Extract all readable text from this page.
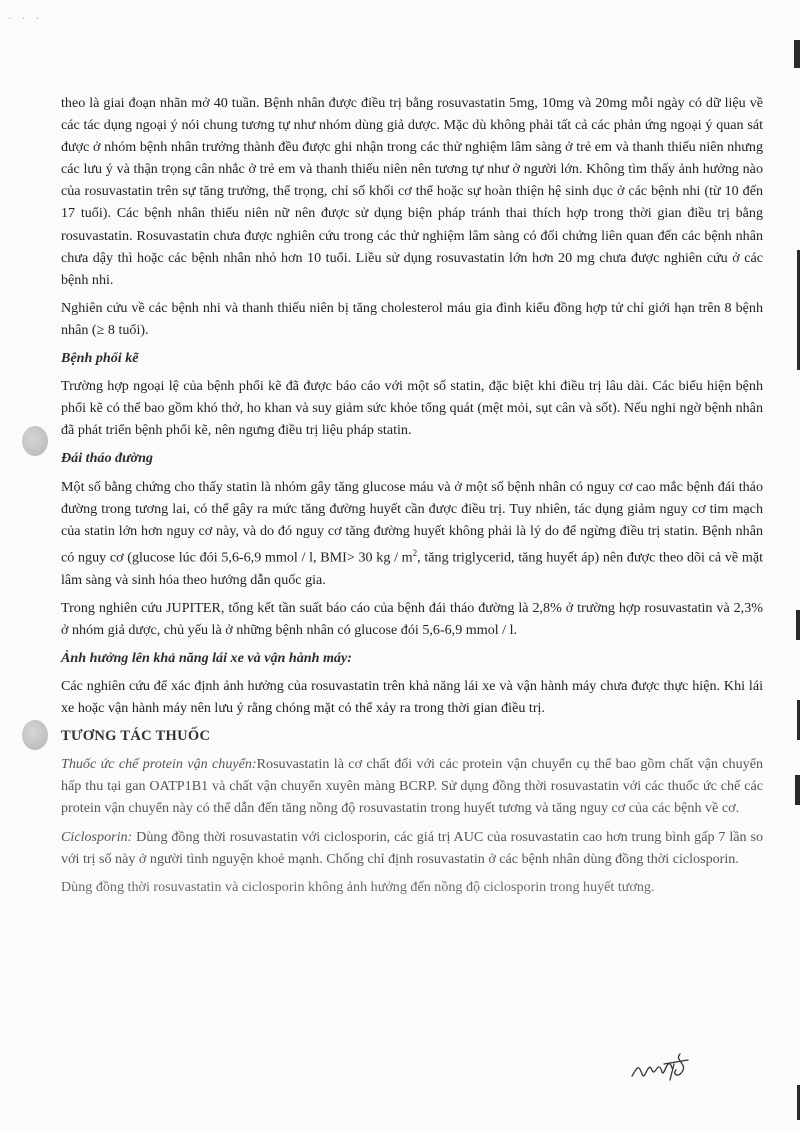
· · ·

theo là giai đoạn nhãn mở 40 tuần. Bệnh nhân được điều trị bằng rosuvastatin 5mg, 10mg và 20mg mỗi ngày có dữ liệu về các tác dụng ngoại ý nói chung tương tự như nhóm dùng giả dược. Mặc dù không phải tất cả các phản ứng ngoại ý quan sát được ở nhóm bệnh nhân trưởng thành đều được ghi nhận trong các thử nghiệm lâm sàng ở trẻ em và thanh thiếu niên nhưng các lưu ý và thận trọng cân nhắc ở trẻ em và thanh thiếu niên nên tương tự như ở người lớn. Không tìm thấy ảnh hưởng nào của rosuvastatin trên sự tăng trưởng, thể trọng, chỉ số khối cơ thể hoặc sự hoàn thiện hệ sinh dục ở các bệnh nhi (từ 10 đến 17 tuổi). Các bệnh nhân thiếu niên nữ nên được sử dụng biện pháp tránh thai thích hợp trong thời gian điều trị bằng rosuvastatin. Rosuvastatin chưa được nghiên cứu trong các thử nghiệm lâm sàng có đối chứng liên quan đến các bệnh nhân chưa dậy thì hoặc các bệnh nhân nhỏ hơn 10 tuổi. Liều sử dụng rosuvastatin lớn hơn 20 mg chưa được nghiên cứu ở các bệnh nhi.

Nghiên cứu về các bệnh nhi và thanh thiếu niên bị tăng cholesterol máu gia đình kiểu đồng hợp tử chỉ giới hạn trên 8 bệnh nhân (≥ 8 tuổi).

Bệnh phổi kẽ

Trường hợp ngoại lệ của bệnh phổi kẽ đã được báo cáo với một số statin, đặc biệt khi điều trị lâu dài. Các biểu hiện bệnh phổi kẽ có thể bao gồm khó thở, ho khan và suy giảm sức khỏe tổng quát (mệt mỏi, sụt cân và sốt). Nếu nghi ngờ bệnh nhân đã phát triển bệnh phổi kẽ, nên ngưng điều trị liệu pháp statin.

Đái tháo đường

Một số bằng chứng cho thấy statin là nhóm gây tăng glucose máu và ở một số bệnh nhân có nguy cơ cao mắc bệnh đái tháo đường trong tương lai, có thể gây ra mức tăng đường huyết cần được điều trị. Tuy nhiên, tác dụng giảm nguy cơ tim mạch của statin lớn hơn nguy cơ này, và do đó nguy cơ tăng đường huyết không phải là lý do để ngừng điều trị statin. Bệnh nhân có nguy cơ (glucose lúc đói 5,6-6,9 mmol / l, BMI> 30 kg / $m^2$, tăng triglycerid, tăng huyết áp) nên được theo dõi cả về mặt lâm sàng và sinh hóa theo hướng dẫn quốc gia.

Trong nghiên cứu JUPITER, tổng kết tần suất báo cáo của bệnh đái tháo đường là 2,8% ở trường hợp rosuvastatin và 2,3% ở nhóm giả dược, chủ yếu là ở những bệnh nhân có glucose đói 5,6-6,9 mmol / l.

Ảnh hưởng lên khả năng lái xe và vận hành máy:

Các nghiên cứu để xác định ảnh hưởng của rosuvastatin trên khả năng lái xe và vận hành máy chưa được thực hiện. Khi lái xe hoặc vận hành máy nên lưu ý rằng chóng mặt có thể xảy ra trong thời gian điều trị.

TƯƠNG TÁC THUỐC

Thuốc ức chế protein vận chuyển:Rosuvastatin là cơ chất đối với các protein vận chuyển cụ thể bao gồm chất vận chuyển hấp thu tại gan OATP1B1 và chất vận chuyển xuyên màng BCRP. Sử dụng đồng thời rosuvastatin với các thuốc ức chế các protein vận chuyển này có thể dẫn đến tăng nồng độ rosuvastatin trong huyết tương và tăng nguy cơ của các bệnh về cơ.

Ciclosporin: Dùng đồng thời rosuvastatin với ciclosporin, các giá trị AUC của rosuvastatin cao hơn trung bình gấp 7 lần so với trị số này ở người tình nguyện khoẻ mạnh. Chống chỉ định rosuvastatin ở các bệnh nhân dùng đồng thời ciclosporin.

Dùng đồng thời rosuvastatin và ciclosporin không ảnh hưởng đến nồng độ ciclosporin trong huyết tương.
